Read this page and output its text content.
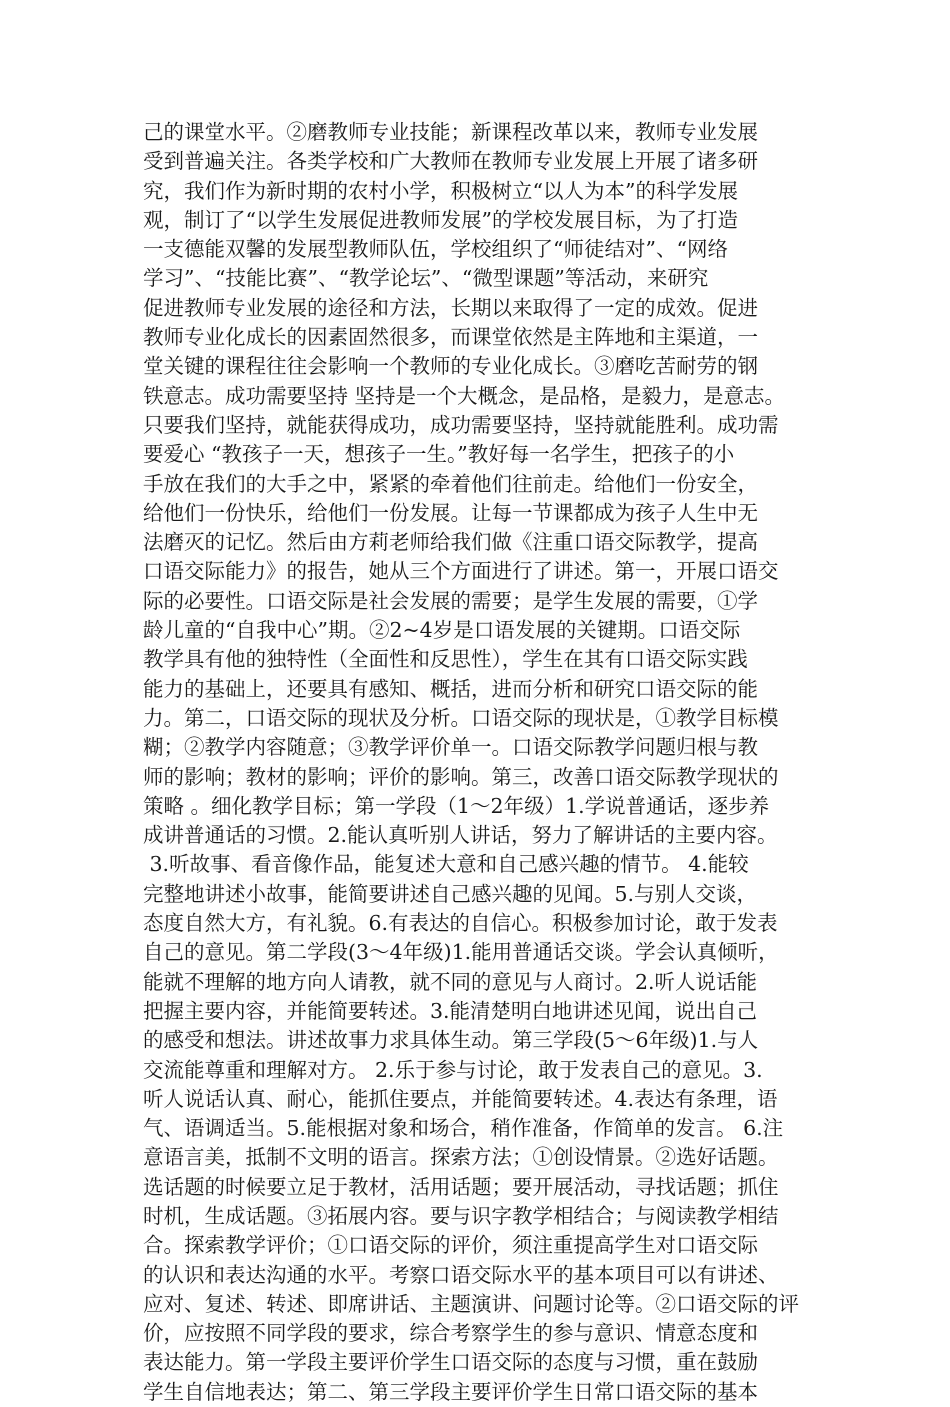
己的课堂水平。②磨教师专业技能；新课程改革以来，教师专业发展
受到普遍关注。各类学校和广大教师在教师专业发展上开展了诸多研
究，我们作为新时期的农村小学，积极树立“以人为本”的科学发展
观，制订了“以学生发展促进教师发展”的学校发展目标，为了打造
一支德能双馨的发展型教师队伍，学校组织了“师徒结对”、“网络
学习”、“技能比赛”、“教学论坛”、“微型课题”等活动，来研究
促进教师专业发展的途径和方法，长期以来取得了一定的成效。促进
教师专业化成长的因素固然很多，而课堂依然是主阵地和主渠道，一
堂关键的课程往往会影响一个教师的专业化成长。③磨吃苦耐劳的钢
铁意志。成功需要坚持 坚持是一个大概念，是品格，是毅力，是意志。
只要我们坚持，就能获得成功，成功需要坚持，坚持就能胜利。成功需
要爱心 “教孩子一天，想孩子一生。”教好每一名学生，把孩子的小
手放在我们的大手之中，紧紧的牵着他们往前走。给他们一份安全，
给他们一份快乐，给他们一份发展。让每一节课都成为孩子人生中无
法磨灭的记忆。然后由方莉老师给我们做《注重口语交际教学，提高
口语交际能力》的报告，她从三个方面进行了讲述。第一，开展口语交
际的必要性。口语交际是社会发展的需要；是学生发展的需要，①学
龄儿童的“自我中心”期。②2~4岁是口语发展的关键期。口语交际
教学具有他的独特性（全面性和反思性），学生在其有口语交际实践
能力的基础上，还要具有感知、概括，进而分析和研究口语交际的能
力。第二，口语交际的现状及分析。口语交际的现状是，①教学目标模
糊；②教学内容随意；③教学评价单一。口语交际教学问题归根与教
师的影响；教材的影响；评价的影响。第三，改善口语交际教学现状的
策略 。细化教学目标；第一学段（1～2年级）1.学说普通话，逐步养
成讲普通话的习惯。2.能认真听别人讲话，努力了解讲话的主要内容。
3.听故事、看音像作品，能复述大意和自己感兴趣的情节。 4.能较
完整地讲述小故事，能简要讲述自己感兴趣的见闻。5.与别人交谈，
态度自然大方，有礼貌。6.有表达的自信心。积极参加讨论，敢于发表
自己的意见。第二学段(3～4年级)1.能用普通话交谈。学会认真倾听，
能就不理解的地方向人请教，就不同的意见与人商讨。2.听人说话能
把握主要内容，并能简要转述。3.能清楚明白地讲述见闻，说出自己
的感受和想法。讲述故事力求具体生动。第三学段(5～6年级)1.与人
交流能尊重和理解对方。 2.乐于参与讨论，敢于发表自己的意见。3.
听人说话认真、耐心，能抓住要点，并能简要转述。4.表达有条理，语
气、语调适当。5.能根据对象和场合，稍作准备，作简单的发言。 6.注
意语言美，抵制不文明的语言。探索方法；①创设情景。②选好话题。
选话题的时候要立足于教材，活用话题；要开展活动，寻找话题；抓住
时机，生成话题。③拓展内容。要与识字教学相结合；与阅读教学相结
合。探索教学评价；①口语交际的评价，须注重提高学生对口语交际
的认识和表达沟通的水平。考察口语交际水平的基本项目可以有讲述、
应对、复述、转述、即席讲话、主题演讲、问题讨论等。②口语交际的评
价，应按照不同学段的要求，综合考察学生的参与意识、情意态度和
表达能力。第一学段主要评价学生口语交际的态度与习惯，重在鼓励
学生自信地表达；第二、第三学段主要评价学生日常口语交际的基本
